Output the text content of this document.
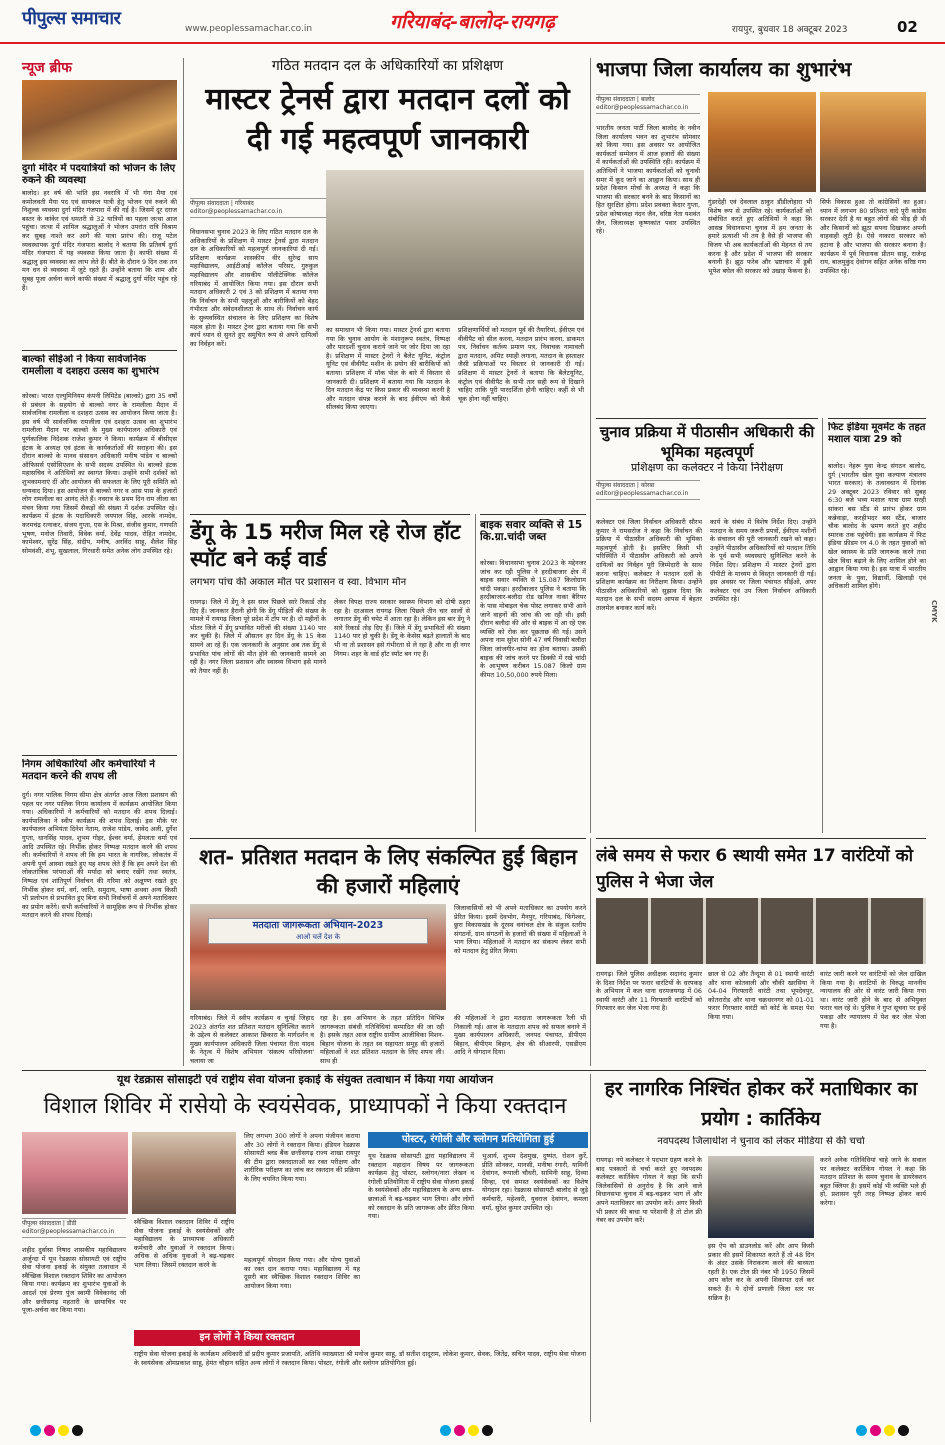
पीपुल्स समाचार	www.peoplessamachar.co.in	गरियाबंद-बालोद-रायगढ़	रायपुर, बुधवार 18 अक्टूबर 2023	02
न्यूज ब्रीफ
दुर्गा मंदिर में पदयात्रियों को भोजन के लिए रुकने की व्यवस्था
बालोद। हर वर्ष की भांति इस नवरात्रि में भी गंगा मैया एवं कमोलवती मैया पद एवं सायकल यात्री हेतु भोजन एवं रुकने की निशुल्क व्यवस्था दुर्गा मंदिर गंजपारा में की गई है। जिसमें दूर दराज बस्तर के कांकेर एवं धमतरी से 32 यात्रियों का पहला जत्था आज पहुंचा। जत्था में शामिल श्रद्धालुओं ने भोजन उपरांत रात्रि विश्राम कर सुबह नाश्ते कर आगे की यात्रा प्रारंभ की। राजू पटेल व्यवस्थापक दुर्गा मंदिर गंजपारा बालोद ने बताया कि प्रतिवर्ष दुर्गा मंदिर गंजपारा में यह व्यवस्था किया जाता है। काफी संख्या में श्रद्धालु इस व्यवस्था का लाभ लेते हैं। बीते के दौरान 9 दिन तक तन मन धन से व्यवस्था में जुटे रहते हैं। उन्होंने बताया कि शाम और सुबह पूजा अर्चना करने काफी संख्या में श्रद्धालु दुर्गा मंदिर पहुंच रहे हैं।
बाल्को सीईओ ने किया सार्वजनिक रामलीला व दशहरा उत्सव का शुभारंभ
कोरबा। भारत एल्युमिनियम कंपनी लिमिटेड (बाल्को) द्वारा 35 वर्षों से प्रबंधन के सहयोग से बाल्को नगर के रामलीला मैदान में सार्वजनिक रामलीला व दशहरा उत्सव का आयोजन किया जाता है। इस वर्ष भी सार्वजनिक रामलीला एवं दशहरा उत्सव का शुभारंभ रामलीला मैदान पर बाल्को के मुख्य कार्यपालन अधिकारी एवं पूर्णकालिक निदेशक राजेश कुमार ने किया। कार्यक्रम में बीसीएस इंटक के अध्यक्ष एवं इंटक के कार्यकर्ताओं की सराहना की। इस दौरान बाल्को के मानव संसाधन अधिकारी मनीष पांडेय व बाल्को ऑफिसर्स एसोसिएशन के सभी सदस्य उपस्थित थे। बाल्को इंटक महासचिव ने अतिथियों का स्वागत किया। उन्होंने सभी दर्शकों को शुभकामनाएं दीं और आयोजन की सफलता के लिए पूरी समिति को धन्यवाद दिया। इस आयोजन से बाल्को नगर व आस पास के हजारों लोग रामलीला का आनंद लेते हैं। नवरात्र के प्रथम दिन राम लीला का मंचन किया गया जिसमें सैकड़ों की संख्या में दर्शक उपस्थित रहे। कार्यक्रम में इंटक के पदाधिकारी जयपाल सिंह, आरके नामदेव, करमचंद्र रत्नाकर, संजय गुप्ता, एस के मिश्रा, संजीव कुमार, गणपति भूषण, मनोज तिवारी, विवेक वर्मा, देवेंद्र यादव, रोहित नामदेव, कामेश्वर, सुरेंद्र सिंह, संदीप, मनीष, अरविंद साहू, शैलेश सिंह सोमवंशी, शंभू, सुखलाल, गिरधारी समेत अनेक लोग उपस्थित रहे।
निगम अधिकारियों और कर्मचारियों ने मतदान करने की शपथ ली
दुर्ग। नगर पालिक निगम सीमा क्षेत्र अंतर्गत आज जिला प्रशासन की पहल पर नगर पालिक निगम कार्यालय में कार्यक्रम आयोजित किया गया। अधिकारियों ने कर्मचारियों को मतदान की शपथ दिलाई। कार्यपालिका ने स्वीप कार्यक्रम की शपथ दिलाई। इस मौके पर कार्यपालन अभियंता दिनेश नेताम, राजेश पांडेय, जावेद अली, दुर्गेश गुप्ता, धानसिंह यादव, शुभम गोइर, ईश्वर वर्मा, हेमलता वर्मा एवं आदि उपस्थित रहे। निर्भीक होकर निष्पक्ष मतदान करने की शपथ ली। कर्मचारियों ने शपथ ली कि हम भारत के नागरिक, लोकतंत्र में अपनी पूर्ण आस्था रखते हुए यह शपथ लेते हैं कि हम अपने देश की लोकतांत्रिक परंपराओं की मर्यादा को बनाए रखेंगे तथा स्वतंत्र, निष्पक्ष एवं शांतिपूर्ण निर्वाचन की गरिमा को अक्षुण्ण रखते हुए निर्भीक होकर धर्म, वर्ग, जाति, समुदाय, भाषा अथवा अन्य किसी भी प्रलोभन से प्रभावित हुए बिना सभी निर्वाचनों में अपने मताधिकार का प्रयोग करेंगे। सभी कर्मचारियों ने सामूहिक रूप से निर्भीक होकर मतदान करने की शपथ दिलाई।
गठित मतदान दल के अधिकारियों का प्रशिक्षण
मास्टर ट्रेनर्स द्वारा मतदान दलों को दी गई महत्वपूर्ण जानकारी
पीपुल्स संवाददाता | गरियाबंद
editor@peoplessamachar.co.in
विधानसभा चुनाव 2023 के लिए गठित मतदान दल के अधिकारियों के प्रशिक्षण में मास्टर ट्रेनर्स द्वारा मतदान दल के अधिकारियों को महत्वपूर्ण जानकारियां दी गई। प्रशिक्षण कार्यक्रम शासकीय वीर सुरेन्द्र साय महाविद्यालय, आईटीआई कॉलेज परिसर, गुरुकुल महाविद्यालय और शासकीय पॉलीटेक्निक कॉलेज गरियाबंद में आयोजित किया गया। इस दौरान सभी मतदान अधिकारी 2 एवं 3 को प्रशिक्षण में बताया गया कि निर्वाचन के सभी पहलुओं और बारीकियों को बेहद गंभीरता और संवेदनशीलता के साथ लें। निर्वाचन कार्य के सुव्यवस्थित संचालन के लिए प्रशिक्षण का विशेष महत्व होता है। मास्टर ट्रेनर द्वारा बताया गया कि सभी कार्य ध्यान से सुनते हुए समुचित रूप से अपने दायित्वों का निर्वहन करें।
का समाधान भी किया गया। मास्टर ट्रेनर्स द्वारा बताया गया कि चुनाव आयोग के मंशानुरूप स्वतंत्र, निष्पक्ष और पारदर्शी चुनाव कराये जाने पर जोर दिया जा रहा है। प्रशिक्षण में मास्टर ट्रेनरों ने बैलेट यूनिट, कंट्रोल यूनिट एवं वीवीपैट मशीन के प्रयोग की बारीकियों को बताया। प्रशिक्षण में मॉक पोल के बारे में विस्तार से जानकारी दी। प्रशिक्षण में बताया गया कि मतदान के दिन मतदान केंद्र पर किस प्रकार की व्यवस्था करनी है और मतदान संपन्न कराने के बाद ईवीएम को कैसे सीलबंद किया जाएगा।
प्रशिक्षणार्थियों को मतदान पूर्व की तैयारियां, ईवीएम एवं वीवीपैट को सील करना, मतदान प्रारंभ करना, डाकमत पत्र, निर्वाचन कर्तव्य प्रमाण पत्र, निवाचक नामावली द्वारा मतदान, अमिट स्याही लगाना, मतदान के हस्ताक्षर जैसी प्रक्रियाओं पर विस्तार से जानकारी दी गई। प्रशिक्षण में मास्टर ट्रेनरों ने बताया कि बैलेटयूनिट, कंट्रोल एवं वीवीपैट के सभी तार सही रूप से दिखाने चाहिए ताकि पूरी पारदर्शिता होनी चाहिए। कहीं से भी चूक होना नहीं चाहिए।
भाजपा जिला कार्यालय का शुभारंभ
पीपुल्स संवाददाता | बालोद
editor@peoplessamachar.co.in
भारतीय जनता पार्टी जिला बालोद के नवीन जिला कार्यालय भवन का शुभारंभ सोमवार को किया गया। इस अवसर पर आयोजित कार्यकर्ता सम्मेलन में आज हजारों की संख्या में कार्यकर्ताओं की उपस्थिति रही। कार्यक्रम में अतिथियों ने भाजपा कार्यकर्ताओं को चुनावी समर में कूद जाने का आह्वान किया। साथ ही प्रदेश किसान मोर्चा के अध्यक्ष ने कहा कि भाजपा की सरकार बनने के बाद किसानों का हित सुरक्षित होगा। प्रदेश प्रवक्ता केदार गुप्ता, प्रदेश कोषाध्यक्ष नंदन जैन, वरिष्ठ नेता यशवंत जैन, जिलाध्यक्ष कृष्णकांत पवार उपस्थित रहे।
गुंडरदेही एवं देवलाल ठाकुर डौंडीलोहारा भी विशेष रूप से उपस्थित रहे। कार्यकर्ताओं को संबोधित करते हुए अतिथियों ने कहा कि आसन्न विधानसभा चुनाव में हम जनता के हमारे प्रत्याशी भी तय है वैसे ही भाजपा की विजय भी अब कार्यकर्ताओं की मेहनत से तय करना है और प्रदेश में भाजपा की सरकार बनानी है। झूठ फरेब और भ्रष्टाचार में डूबी भूपेश बघेल की सरकार को उखाड़ फेंकना है।
सिर्फ विकास हुआ तो कांग्रेसियों का हुआ। ध्यान में लगभग 80 प्रतिशत वादे पूरी कांग्रेस सरकार देती है या बहुत लोगों की भीड़ ही थी और किसानों को झूठा सपना दिखाकर अपनी वाहवाही लूटी है। ऐसे नाकारा सरकार को हटाना है और भाजपा की सरकार बनाना है। कार्यक्रम में पूर्व विधायक प्रीतम साहू, राजेन्द्र राय, बालमुकुंद देवांगन सहित अनेक वरिष्ठ गण उपस्थित रहे।
चुनाव प्रक्रिया में पीठासीन अधिकारी की भूमिका महत्वपूर्ण
प्रशिक्षण का कलेक्टर ने किया निरीक्षण
पीपुल्स संवाददाता | कोरबा
editor@peoplessamachar.co.in
कलेक्टर एवं जिला निर्वाचन अधिकारी सौरभ कुमार ने रामसरोज ने कहा कि निर्वाचन की प्रक्रिया में पीठासीन अधिकारी की भूमिका महत्वपूर्ण होती है। इसलिए किसी भी परिस्थिति में पीठासीन अधिकारी को अपने दायित्वों का निर्वहन पूरी जिम्मेदारी के साथ करना चाहिए। कलेक्टर ने मतदान दलों के प्रशिक्षण कार्यक्रम का निरीक्षण किया। उन्होंने पीठासीन अधिकारियों को सुझाव दिया कि मतदान दल के सभी सदस्य आपस में बेहतर तालमेल बनाकर कार्य करें।
कार्य के संबंध में विशेष निर्देश दिए। उन्होंने मतदान के समय जरूरी प्रपत्रों, ईवीएम मशीनों के संचालन की पूरी जानकारी रखने को कहा। उन्होंने पीठासीन अधिकारियों को मतदान तिथि के पूर्व सभी व्यवस्थाएं सुनिश्चित करने के निर्देश दिए। प्रशिक्षण में मास्टर ट्रेनरों द्वारा पीपीटी के माध्यम से विस्तृत जानकारी दी गई। इस अवसर पर जिला पंचायत सीईओ, अपर कलेक्टर एवं उप जिला निर्वाचन अधिकारी उपस्थित रहे।
फिट इंडिया मूवमेंट के तहत मशाल यात्रा 29 को
बालोद। नेहरू युवा केन्द्र संगठन बालोद, दुर्ग (भारतीय खेल युवा कल्याण मंत्रालय भारत सरकार) के तत्वावधान में दिनांक 29 अक्टूबर 2023 रविवार को सुबह 6:30 बजे भव्य मशाल यात्रा ग्राम सरही सांकरा बस स्टैंड से प्रारंभ होकर ग्राम कन्नेवाड़ा, करहीभदर बस स्टैंड, बाजार चौक बालोद के भ्रमण करते हुए शहीद स्मारक तक पहुंचेगी। इस कार्यक्रम में फिट इंडिया फ्रीडम रन 4.0 के तहत युवाओं को खेल स्वास्थ्य के प्रति जागरूक करने तथा खेल विधा बढ़ाने के लिए शामिल होने का आह्वान किया गया है। इस यात्रा में भारतीय जनता के युवा, विद्यार्थी, खिलाड़ी एवं अधिकारी शामिल होंगे।
डेंगू के 15 मरीज मिल रहे रोज हॉट स्पॉट बने कई वार्ड
लगभग पांच की अकाल मौत पर प्रशासन व स्वा. विभाग मौन
रायगढ़। जिले में डेंगू ने इस साल पिछले सारे रिकार्ड तोड़ दिए हैं। जानकार हैरानी होगी कि डेंगू पीड़ितों की संख्या के मामले में रायगढ़ जिला पूरे प्रदेश में टॉप पर है। दो महीनों के भीतर जिले में डेंगू प्रभावित मरीजों की संख्या 1140 पार कर चुकी है। जिले में औसतन हर दिन डेंगू के 15 केस सामने आ रहे हैं। एक जानकारी के अनुसार अब तक डेंगू से प्रभावित पांच लोगों की मौत होने की जानकारी सामने आ रही है। नगर जिला प्रशासन और स्वास्थ्य विभाग इसे मानने को तैयार नहीं हैं।
लेकर विपक्ष राज्य सरकार स्वास्थ्य विभाग को दोषी ठहरा रहा है। दरअसल रायगढ़ जिला पिछले तीन चार सालों से लगातार डेंगू की चपेट में आता रहा है। लेकिन इस बार डेंगू ने सारे रिकार्ड तोड़ दिए हैं। जिले में डेंगू प्रभावितों की संख्या 1140 पार हो चुकी है। डेंगू के केसेस बढ़ते हालातों के बाद भी ना तो प्रशासन इसे गंभीरता से ले रहा है और ना ही नगर निगम। शहर के वार्ड हॉट स्पॉट बन गए हैं।
बाइक सवार व्यक्ति से 15 कि.ग्रा.चांदी जब्त
कोरबा। विधानसभा चुनाव 2023 के मद्देनजर जांच कर रही पुलिस ने हरदीबाजार क्षेत्र में बाइक सवार व्यक्ति से 15.087 किलोग्राम चांदी पकड़ा। हरदीबाजार पुलिस ने बताया कि हरदीबाजार-बलौदा रोड खनिज नाका बैरियर के पास मोबाइल चेक पोस्ट लगाकर सभी आने जाने वाहनों की जांच की जा रही थी। इसी दौरान बलौदा की ओर से बाइक में आ रहे एक व्यक्ति को रोक कर पूछताछ की गई। उसने अपना नाम सुरेश सोनी 47 वर्ष निवासी बलौदा जिला जांजगीर-चांपा का होना बताया। उसकी बाइक की जांच करने पर डिक्की में रखे चांदी के आभूषण करीबन 15.087 किलो ग्राम कीमत 10,50,000 रुपये मिला।
शत- प्रतिशत मतदान के लिए संकल्पित हुईं बिहान की हजारों महिलाएं
मतदाता जागरूकता अभियान-2023
आओ चलें देश के
गरियाबंद। जिले में स्वीप कार्यक्रम व चुनई जिहाद 2023 अंतर्गत शत प्रतिशत मतदान सुनिश्चित कराने के उद्देश्य से कलेक्टर आकाश छिकारा के मार्गदर्शन व मुख्य कार्यपालन अधिकारी जिला पंचायत रीता यादव के नेतृत्व में विशेष अभियान 'संकल्प परियोजना' चलाया जा
रहा है। इस अभियान के तहत प्रतिदिन विभिन्न जागरूकता संबंधी गतिविधियां सम्पादित की जा रही है। इसके तहत आज राष्ट्रीय ग्रामीण आजीविका मिशन-बिहान योजना के तहत स्व सहायता समूह की हजारों महिलाओं ने शत प्रतिशत मतदान के लिए शपथ ली। साथ ही
जिलावासियों को भी अपने मताधिकार का उपयोग करने प्रेरित किया। इसमें देवभोग, मैनपुर, गरियाबंद, फिंगेश्वर, छुरा विकासखंड के दूरस्थ वनांचल क्षेत्र के संकुल स्तरीय संगठनों, ग्राम संगठनों के हजारों की संख्या में महिलाओं ने भाग लिया। महिलाओं ने मतदान का संकल्प लेकर सभी को मतदान हेतु प्रेरित किया।
की महिलाओं ने द्वारा मतदाता जागरूकता रैली भी निकाली गई। आज के मतदाता शपथ को सफल बनाने में मुख्य कार्यपालन अधिकारी, जनपद पंचायत, डीपीएम बिहान, बीपीएम बिहान, क्षेत्र की सीआरपी, एसडीएम आदि ने योगदान दिया।
लंबे समय से फरार 6 स्थायी समेत 17 वारंटियों को पुलिस ने भेजा जेल
रायगढ़। जिले पुलिस अधीक्षक सदानंद कुमार के दिशा निर्देश पर फरार वारंटियों के धरपकड़ के अभियान में कल थाना धरमजयगढ़ में 06 स्थायी वारंटी और 11 गिरफ्तारी वारंटियों को गिरफ्तार कर जेल भेजा गया है।
छाल से 02 और तैन्दूमा से 01 स्थायी वारंटी और थाना कोतवाली और चौकी खरसिया ने 04-04 गिरफ्तारी वारंटी तथा भूपदेवपुर, कोतरारोड और थाना चक्रधरनगर को 01-01 फरार गिरफ्तार वारंटी को कोर्ट के समक्ष पेश किया गया।
वारंट जारी करने पर वारंटियों को जेल दाखिल किया गया है। वारंटियों के विरुद्ध माननीय न्यायालय की ओर से वारंट जारी किया गया था। वारंट जारी होने के बाद से अभियुक्त फरार चल रहे थे। पुलिस ने गुप्त सूचना पर इन्हें पकड़ा और न्यायालय में पेश कर जेल भेजा गया है।
यूथ रेडक्रास सोसाइटी एवं राष्ट्रीय सेवा योजना इकाई के संयुक्त तत्वाधान में किया गया आयोजन
विशाल शिविर में रासेयो के स्वयंसेवक, प्राध्यापकों ने किया रक्तदान
पीपुल्स संवाददाता | डौंडी
editor@peoplessamachar.co.in
शहीद दुर्वासा निषाद शासकीय महाविद्यालय अर्जुन्दा में यूथ रेडक्रास सोसायटी एवं राष्ट्रीय सेवा योजना इकाई के संयुक्त तत्वाधान में स्वैच्छिक विशाल रक्तदान शिविर का आयोजन किया गया। कार्यक्रम का शुभारंभ युवाओं के आदर्श एवं प्रेरणा पुंज स्वामी विवेकानंद जी और छत्तीसगढ़ महतारी के छायाचित्र पर पूजा-अर्चना कर किया गया।
स्वैच्छिक विशाल रक्तदान शिविर में राष्ट्रीय सेवा योजना इकाई के स्वयंसेवकों और महाविद्यालय के प्राध्यापक अधिकारी कर्मचारी और युवाओं ने रक्तदान किया। अधिक से अधिक युवाओं ने बढ़-चढ़कर भाग लिया। जिसमें रक्तदान करने के
लिए लगभग 300 लोगों ने अपना पंजीयन कराया और 30 लोगों ने रक्तदान किया। इंडियन रेडक्रास सोसायटी ब्लड बैंक छत्तीसगढ़ राज्य शाखा रायपुर की टीम द्वारा रक्तदाताओं का रक्त परीक्षण और शारीरिक परीक्षण का जांच कर रक्तदान की प्रक्रिया के लिए चयनित किया गया।
महत्वपूर्ण योगदान किया गया। और योग्य युवाओं का रक्त दान कराया गया। महाविद्यालय में यह दूसरी बार स्वैच्छिक विशाल रक्तदान शिविर का आयोजन किया गया।
इन लोगों ने किया रक्तदान
राष्ट्रीय सेवा योजना इकाई के कार्यक्रम अधिकारी डॉ प्रदीप कुमार प्रजापति, अतिथि व्याख्याता श्री मनोज कुमार साहू, डॉ सतीश दादूराम, लोकेश कुमार, सेवक, जितेंद्र, सचिन यादव, राष्ट्रीय सेवा योजना के स्वयंसेवक ओमप्रकाश साहू, हेमंत चौहान सहित अन्य लोगों ने रक्तदान किया। पोस्टर, रंगोली और स्लोगन प्रतियोगिता हुई।
पोस्टर, रंगोली और स्लोगन प्रतियोगिता हुई
यूथ रेडक्रास सोसायटी द्वारा महाविद्यालय में रक्तदान महादान विषय पर जागरूकता कार्यक्रम हेतु पोस्टर, स्लोगन/नारा लेखन व रंगोली प्रतियोगिता में राष्ट्रीय सेवा योजना इकाई के स्वयंसेवकों और महाविद्यालय के अन्य छात्र-छात्राओं ने बढ़-चढ़कर भाग लिया। और लोगों को रक्तदान के प्रति जागरूक और प्रेरित किया गया।
भुआर्य, शुभम देशमुख, दुष्यंत, रोशन कुर्रे, प्रीति सोनकर, मानसी, मनीषा रंगारी, यामिनी देवांगन, रूपाली चौधरी, सामिनी साहू, दिव्या सिन्हा, एवं समस्त स्वयंसेवकों का विशेष योगदान रहा। रेडक्रास सोसायटी बालोद से जुड़े कर्मचारी, महेश्वरी, युवराज देवांगन, कमला वर्मा, सुरेश कुमार उपस्थित रहे।
हर नागरिक निश्चिंत होकर करें मताधिकार का प्रयोग : कार्तिकेय
नवपदस्थ जिलाधीश ने चुनाव को लेकर मीडिया से की चर्चा
रायगढ़। नये कलेक्टर ने पदभार ग्रहण करने के बाद पत्रकारों से चर्चा करते हुए नवपदस्थ कलेक्टर कार्तिकेय गोयल ने कहा कि सभी जिलेवासियों से अनुरोध है कि आने वाले विधानसभा चुनाव में बढ़-चढ़कर भाग लें और अपने मताधिकार का उपयोग करें। अगर किसी भी प्रकार की बाधा या परेशानी है तो टोल फ्री नंबर का उपयोग करें।
इस ऐप को डाउनलोड करें और आप किसी प्रकार की इसमें शिकायत करते हैं तो 48 दिन के अंदर उसके निराकरण करने की बाध्यता रहती है। एक टोल फ्री नंबर भी 1950 जिसमें आप कॉल कर के अपनी शिकायत दर्ज कर सकते हैं। ये दोनों प्रणाली जिला स्तर पर सक्रिय है।
करने अनेक गतिविधियां चाहे जाने के सवाल पर कलेक्टर कार्तिकेय गोयल ने कहा कि मतदान प्रतिशत के समय चुनाव के डायरेक्शन बहुत क्लियर है। इसमें कोई भी व्यक्ति भले ही हो, प्रशासन पूरी तरह निष्पक्ष होकर कार्य करेगा।
CMYK
